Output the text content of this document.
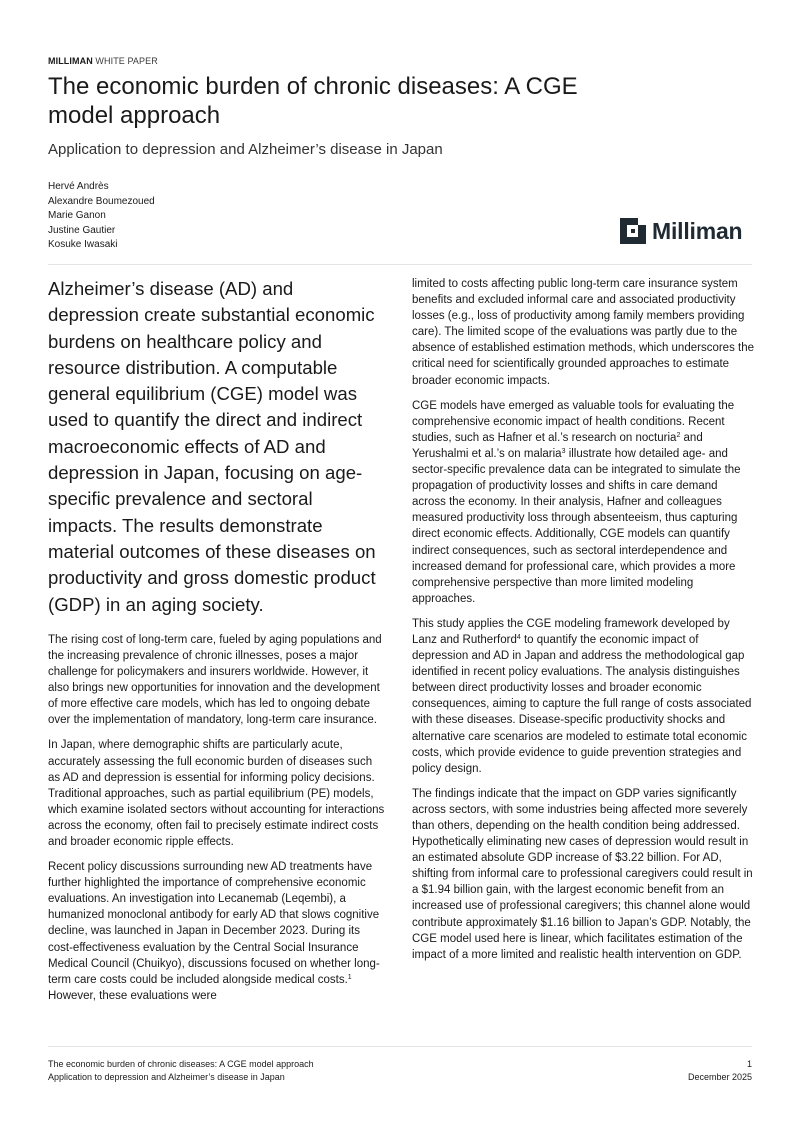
MILLIMAN WHITE PAPER
The economic burden of chronic diseases: A CGE model approach
Application to depression and Alzheimer’s disease in Japan
Hervé Andrès
Alexandre Boumezoued
Marie Ganon
Justine Gautier
Kosuke Iwasaki
Milliman

Alzheimer’s disease (AD) and depression create substantial economic burdens on healthcare policy and resource distribution. A computable general equilibrium (CGE) model was used to quantify the direct and indirect macroeconomic effects of AD and depression in Japan, focusing on age-specific prevalence and sectoral impacts. The results demonstrate material outcomes of these diseases on productivity and gross domestic product (GDP) in an aging society.

The rising cost of long-term care, fueled by aging populations and the increasing prevalence of chronic illnesses, poses a major challenge for policymakers and insurers worldwide. However, it also brings new opportunities for innovation and the development of more effective care models, which has led to ongoing debate over the implementation of mandatory, long-term care insurance.

In Japan, where demographic shifts are particularly acute, accurately assessing the full economic burden of diseases such as AD and depression is essential for informing policy decisions. Traditional approaches, such as partial equilibrium (PE) models, which examine isolated sectors without accounting for interactions across the economy, often fail to precisely estimate indirect costs and broader economic ripple effects.

Recent policy discussions surrounding new AD treatments have further highlighted the importance of comprehensive economic evaluations. An investigation into Lecanemab (Leqembi), a humanized monoclonal antibody for early AD that slows cognitive decline, was launched in Japan in December 2023. During its cost-effectiveness evaluation by the Central Social Insurance Medical Council (Chuikyo), discussions focused on whether long-term care costs could be included alongside medical costs.$^1$ However, these evaluations were

limited to costs affecting public long-term care insurance system benefits and excluded informal care and associated productivity losses (e.g., loss of productivity among family members providing care). The limited scope of the evaluations was partly due to the absence of established estimation methods, which underscores the critical need for scientifically grounded approaches to estimate broader economic impacts.

CGE models have emerged as valuable tools for evaluating the comprehensive economic impact of health conditions. Recent studies, such as Hafner et al.’s research on nocturia$^2$ and Yerushalmi et al.’s on malaria$^3$ illustrate how detailed age- and sector-specific prevalence data can be integrated to simulate the propagation of productivity losses and shifts in care demand across the economy. In their analysis, Hafner and colleagues measured productivity loss through absenteeism, thus capturing direct economic effects. Additionally, CGE models can quantify indirect consequences, such as sectoral interdependence and increased demand for professional care, which provides a more comprehensive perspective than more limited modeling approaches.

This study applies the CGE modeling framework developed by Lanz and Rutherford$^4$ to quantify the economic impact of depression and AD in Japan and address the methodological gap identified in recent policy evaluations. The analysis distinguishes between direct productivity losses and broader economic consequences, aiming to capture the full range of costs associated with these diseases. Disease-specific productivity shocks and alternative care scenarios are modeled to estimate total economic costs, which provide evidence to guide prevention strategies and policy design.

The findings indicate that the impact on GDP varies significantly across sectors, with some industries being affected more severely than others, depending on the health condition being addressed. Hypothetically eliminating new cases of depression would result in an estimated absolute GDP increase of $3.22 billion. For AD, shifting from informal care to professional caregivers could result in a $1.94 billion gain, with the largest economic benefit from an increased use of professional caregivers; this channel alone would contribute approximately $1.16 billion to Japan’s GDP. Notably, the CGE model used here is linear, which facilitates estimation of the impact of a more limited and realistic health intervention on GDP.

The economic burden of chronic diseases: A CGE model approach
Application to depression and Alzheimer’s disease in Japan
1
December 2025
